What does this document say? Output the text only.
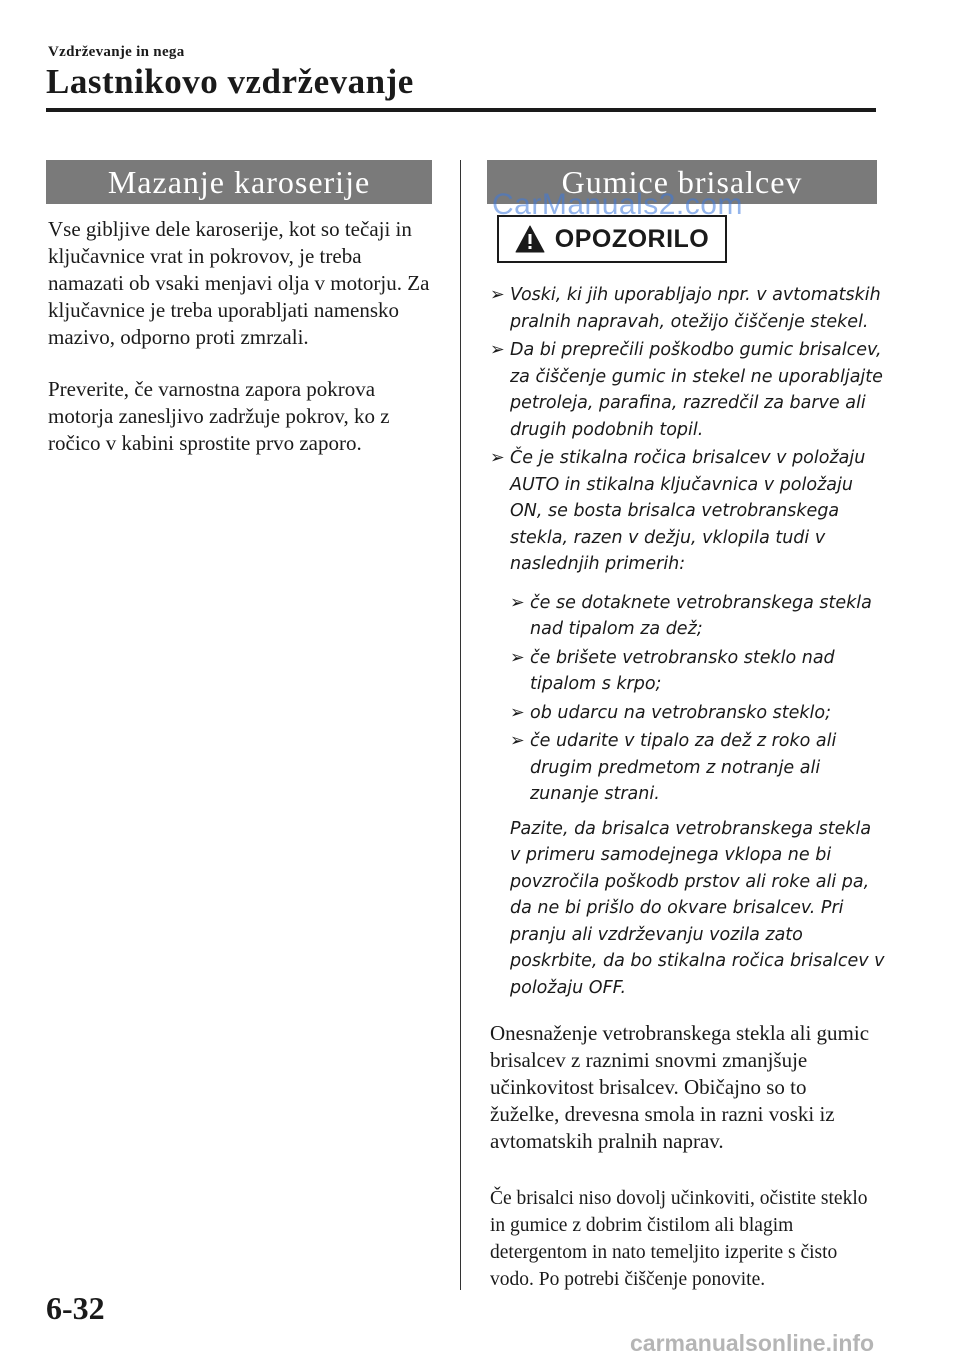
Vzdrževanje in nega
Lastnikovo vzdrževanje
Mazanje karoserije

Vse gibljive dele karoserije, kot so tečaji in ključavnice vrat in pokrovov, je treba namazati ob vsaki menjavi olja v motorju. Za ključavnice je treba uporabljati namensko mazivo, odporno proti zmrzali.

Preverite, če varnostna zapora pokrova motorja zanesljivo zadržuje pokrov, ko z ročico v kabini sprostite prvo zaporo.

Gumice brisalcev
CarManuals2.com
OPOZORILO
➢ Voski, ki jih uporabljajo npr. v avtomatskih pralnih napravah, otežijo čiščenje stekel.
➢ Da bi preprečili poškodbo gumic brisalcev, za čiščenje gumic in stekel ne uporabljajte petroleja, parafina, razredčil za barve ali drugih podobnih topil.
➢ Če je stikalna ročica brisalcev v položaju AUTO in stikalna ključavnica v položaju ON, se bosta brisalca vetrobranskega stekla, razen v dežju, vklopila tudi v naslednjih primerih:
➢ če se dotaknete vetrobranskega stekla nad tipalom za dež;
➢ če brišete vetrobransko steklo nad tipalom s krpo;
➢ ob udarcu na vetrobransko steklo;
➢ če udarite v tipalo za dež z roko ali drugim predmetom z notranje ali zunanje strani.
Pazite, da brisalca vetrobranskega stekla v primeru samodejnega vklopa ne bi povzročila poškodb prstov ali roke ali pa, da ne bi prišlo do okvare brisalcev. Pri pranju ali vzdrževanju vozila zato poskrbite, da bo stikalna ročica brisalcev v položaju OFF.

Onesnaženje vetrobranskega stekla ali gumic brisalcev z raznimi snovmi zmanjšuje učinkovitost brisalcev. Običajno so to žuželke, drevesna smola in razni voski iz avtomatskih pralnih naprav.

Če brisalci niso dovolj učinkoviti, očistite steklo in gumice z dobrim čistilom ali blagim detergentom in nato temeljito izperite s čisto vodo. Po potrebi čiščenje ponovite.

6-32
carmanualsonline.info
